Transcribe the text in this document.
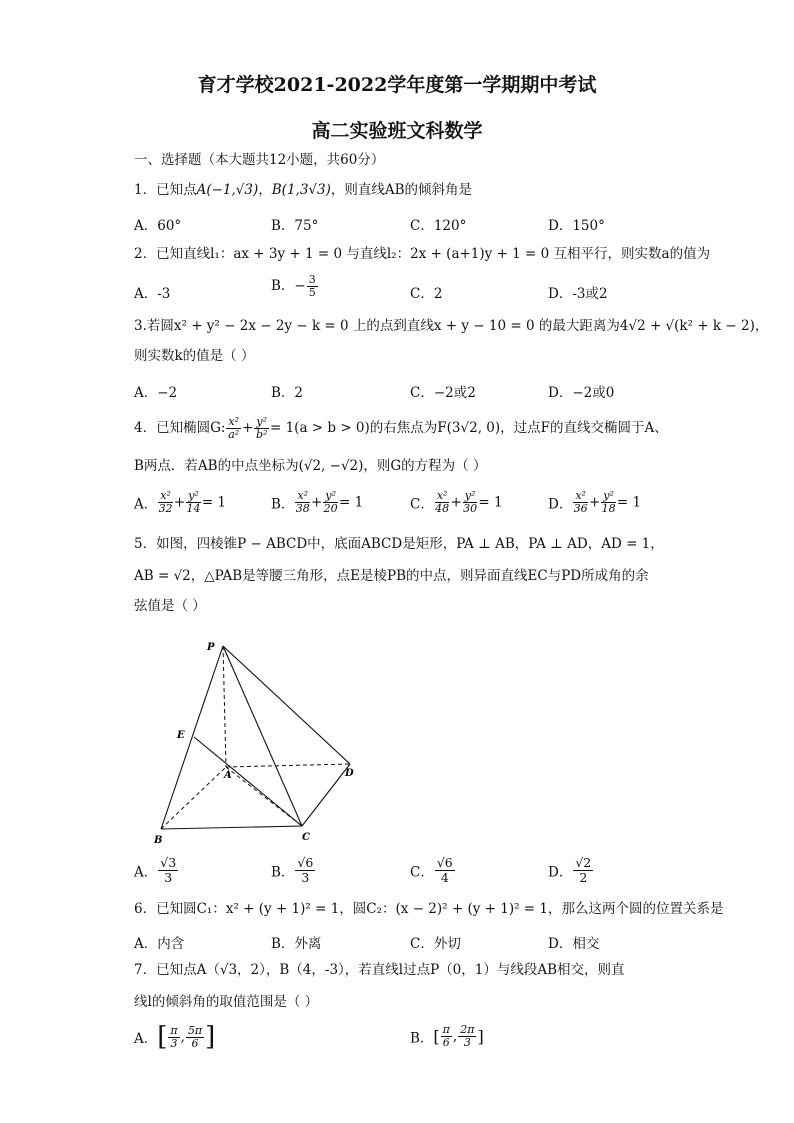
育才学校2021-2022学年度第一学期期中考试
高二实验班文科数学
一、选择题（本大题共12小题，共60分）
1．已知点A(−1,√3)，B(1,3√3)，则直线AB的倾斜角是
A．60°	B．75°	C．120°	D．150°
2．已知直线l₁：ax + 3y + 1 = 0 与直线l₂：2x + (a+1)y + 1 = 0 互相平行，则实数a的值为
A．-3	B．− $\frac{3}{5}$	C．2	D．-3或2
3.若圆x² + y² − 2x − 2y − k = 0 上的点到直线x + y − 10 = 0 的最大距离为4√2 + √(k² + k − 2)，
则实数k的值是（ ）
A．−2	B．2	C．−2或2	D．−2或0
4．已知椭圆G: $\frac{\text{x²}}{\text{a²}} + \frac{\text{y²}}{\text{b²}} = 1(a > b > 0)$的右焦点为F(3√2, 0)，过点F的直线交椭圆于A、
B两点．若AB的中点坐标为(√2, −√2)，则G的方程为（ ）
A． $\frac{\text{x²}}{32} + \frac{\text{y²}}{14} = 1$	B． $\frac{\text{x²}}{38} + \frac{\text{y²}}{20} = 1$	C． $\frac{\text{x²}}{48} + \frac{\text{y²}}{30} = 1$	D． $\frac{\text{x²}}{36} + \frac{\text{y²}}{18} = 1$
5．如图，四棱锥P − ABCD中，底面ABCD是矩形，PA ⊥ AB，PA ⊥ AD，AD = 1，
AB = √2，△PAB是等腰三角形，点E是棱PB的中点，则异面直线EC与PD所成角的余
弦值是（ ）
P
E
A	D
B	C
A． $\frac{√3}{3}$	B． $\frac{√6}{3}$	C． $\frac{√6}{4}$	D． $\frac{√2}{2}$
6．已知圆C₁：x² + (y + 1)² = 1，圆C₂：(x − 2)² + (y + 1)² = 1，那么这两个圆的位置关系是
A．内含	B．外离	C．外切	D．相交
7．已知点A（√3，2），B（4，-3），若直线l过点P（0，1）与线段AB相交，则直
线l的倾斜角的取值范围是（ ）
A．[ $\frac{\pi}{3}$ , $\frac{5\pi}{6}$ ]	B．[ $\frac{\pi}{6}$ , $\frac{2\pi}{3}$ ]
